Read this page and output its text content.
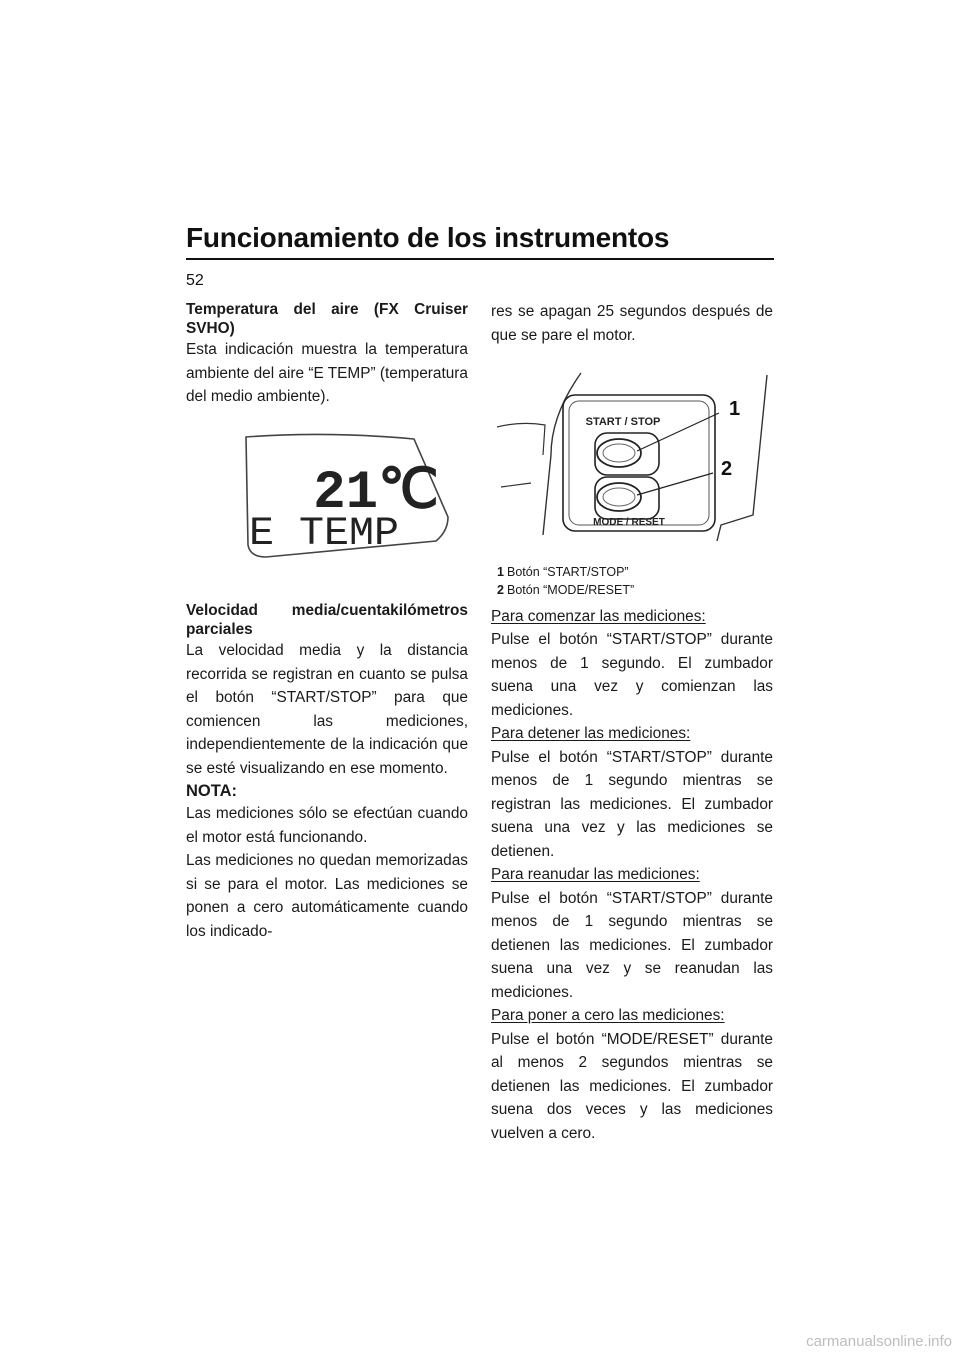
Funcionamiento de los instrumentos
52

Temperatura del aire (FX Cruiser SVHO)

Esta indicación muestra la temperatura ambiente del aire “E TEMP” (temperatura del medio ambiente).

21℃
E TEMP

Velocidad media/cuentakilómetros parciales

La velocidad media y la distancia recorrida se registran en cuanto se pulsa el botón “START/STOP” para que comiencen las mediciones, independientemente de la indicación que se esté visualizando en ese momento.

NOTA:

Las mediciones sólo se efectúan cuando el motor está funcionando.

Las mediciones no quedan memorizadas si se para el motor. Las mediciones se ponen a cero automáticamente cuando los indicado-

res se apagan 25 segundos después de que se pare el motor.

START / STOP
MODE / RESET
1
2
1 Botón “START/STOP”
2 Botón “MODE/RESET”

Para comenzar las mediciones:

Pulse el botón “START/STOP” durante menos de 1 segundo. El zumbador suena una vez y comienzan las mediciones.

Para detener las mediciones:

Pulse el botón “START/STOP” durante menos de 1 segundo mientras se registran las mediciones. El zumbador suena una vez y las mediciones se detienen.

Para reanudar las mediciones:

Pulse el botón “START/STOP” durante menos de 1 segundo mientras se detienen las mediciones. El zumbador suena una vez y se reanudan las mediciones.

Para poner a cero las mediciones:

Pulse el botón “MODE/RESET” durante al menos 2 segundos mientras se detienen las mediciones. El zumbador suena dos veces y las mediciones vuelven a cero.

carmanualsonline.info
